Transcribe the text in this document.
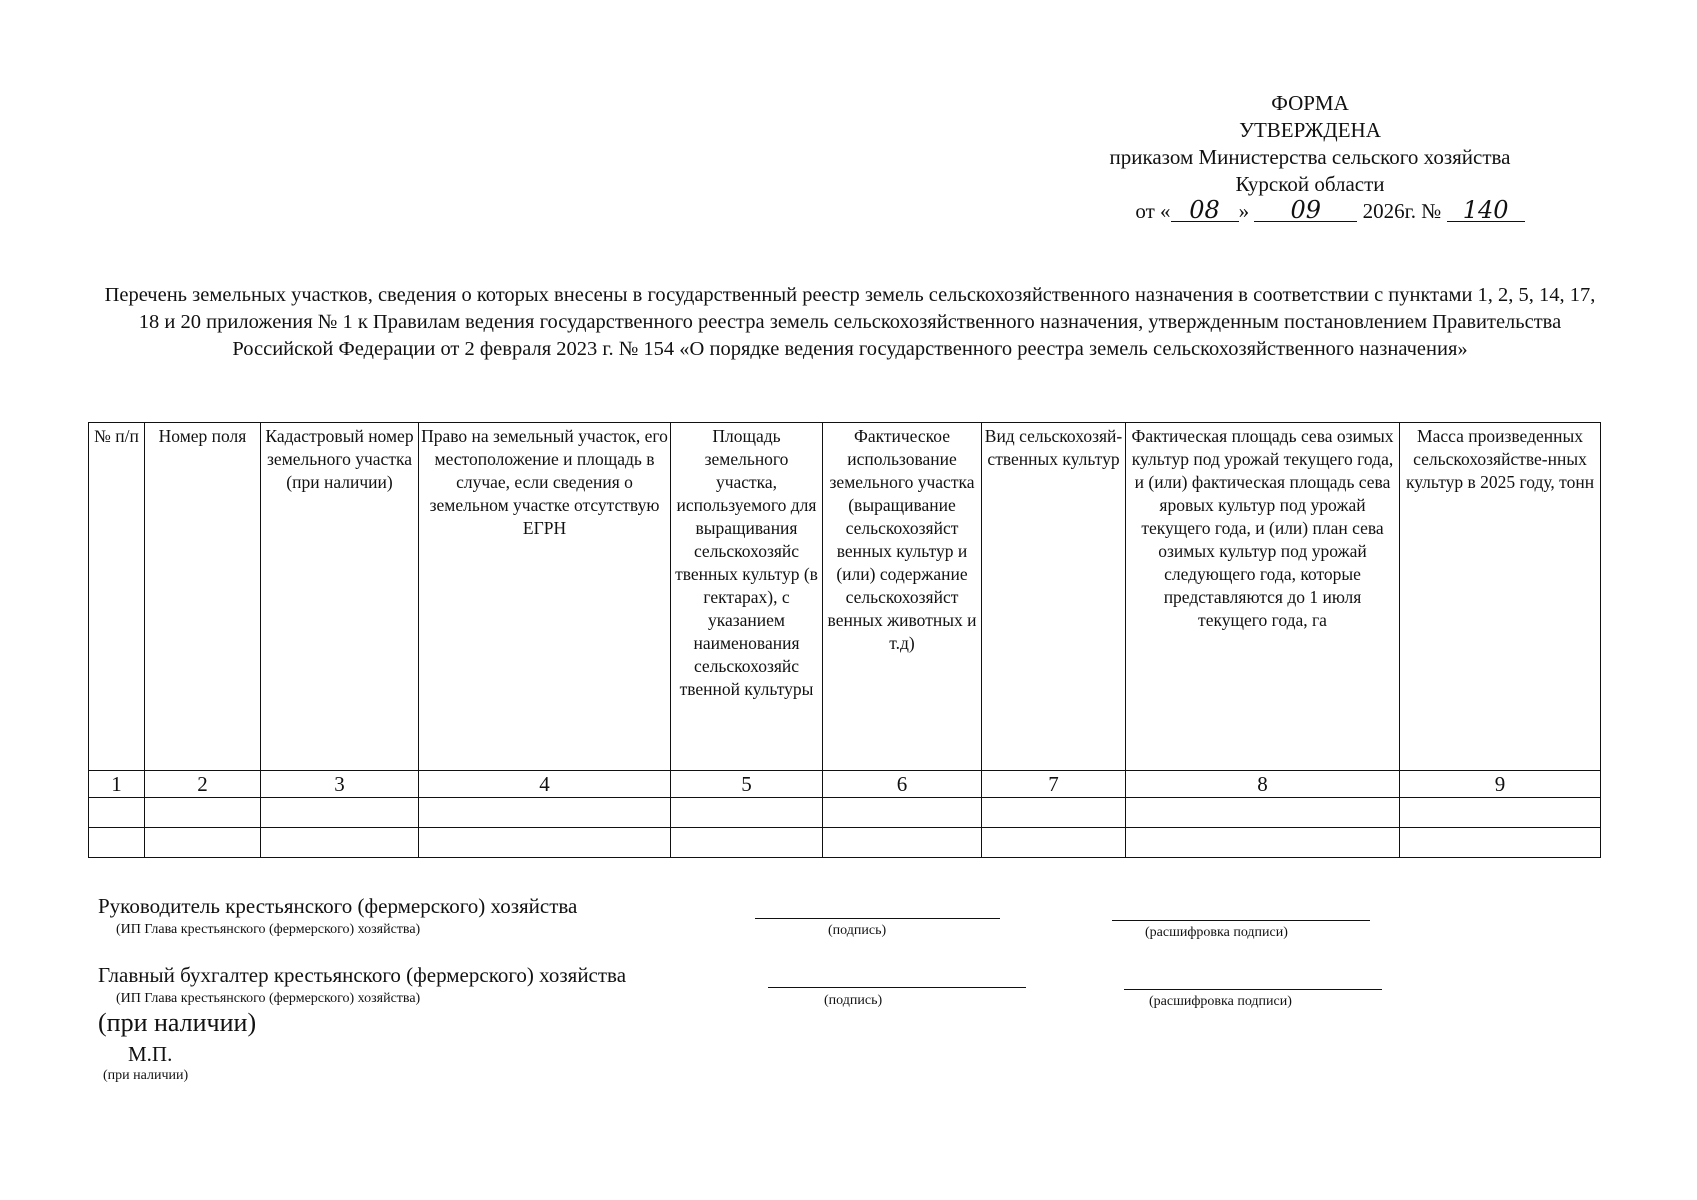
ФОРМА
УТВЕРЖДЕНА
приказом Министерства сельского хозяйства
Курской области
от « 08 » 09 2026г. № 140
Перечень земельных участков, сведения о которых внесены в государственный реестр земель сельскохозяйственного назначения в соответствии с пунктами 1, 2, 5, 14, 17, 18 и 20 приложения № 1 к Правилам ведения государственного реестра земель сельскохозяйственного назначения, утвержденным постановлением Правительства Российской Федерации от 2 февраля 2023 г. № 154 «О порядке ведения государственного реестра земель сельскохозяйственного назначения»
№ п/п	Номер поля	Кадастровый номер земельного участка (при наличии)	Право на земельный участок, его местоположение и площадь в случае, если сведения о земельном участке отсутствую ЕГРН	Площадь земельного участка, используемого для выращивания сельскохозяйс твенных культур (в гектарах), с указанием наименования сельскохозяйс твенной культуры	Фактическое использование земельного участка (выращивание сельскохозяйст венных культур и (или) содержание сельскохозяйст венных животных и т.д)	Вид сельскохозяй-ственных культур	Фактическая площадь сева озимых культур под урожай текущего года, и (или) фактическая площадь сева яровых культур под урожай текущего года, и (или) план сева озимых культур под урожай следующего года, которые представляются до 1 июля текущего года, га	Масса произведенных сельскохозяйстве-нных культур в 2025 году, тонн
1	2	3	4	5	6	7	8	9

Руководитель крестьянского (фермерского) хозяйства
(ИП Глава крестьянского (фермерского) хозяйства)	(подпись)	(расшифровка подписи)
Главный бухгалтер крестьянского (фермерского) хозяйства
(ИП Глава крестьянского (фермерского) хозяйства)	(подпись)	(расшифровка подписи)
(при наличии)
М.П.
(при наличии)
